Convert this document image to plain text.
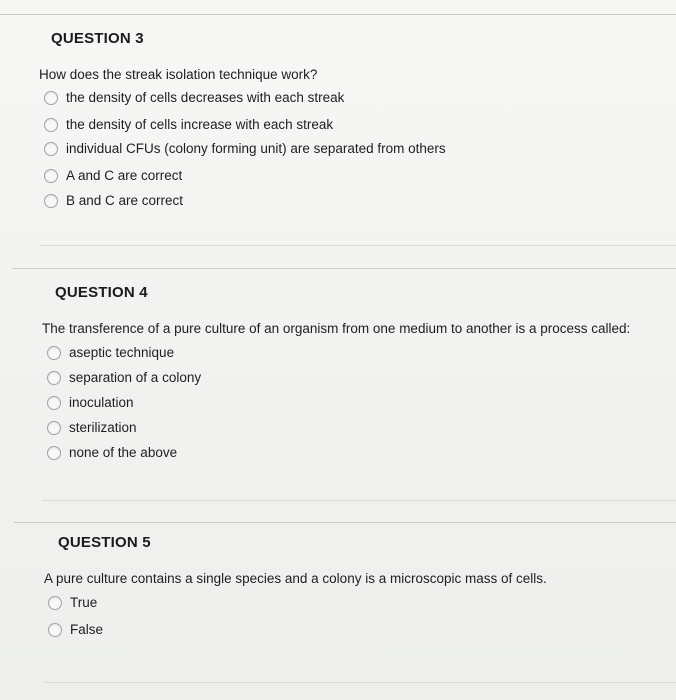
QUESTION 3
How does the streak isolation technique work?
the density of cells decreases with each streak
the density of cells increase with each streak
individual CFUs (colony forming unit) are separated from others
A and C are correct
B and C are correct
QUESTION 4
The transference of a pure culture of an organism from one medium to another is a process called:
aseptic technique
separation of a colony
inoculation
sterilization
none of the above
QUESTION 5
A pure culture contains a single species and a colony is a microscopic mass of cells.
True
False
